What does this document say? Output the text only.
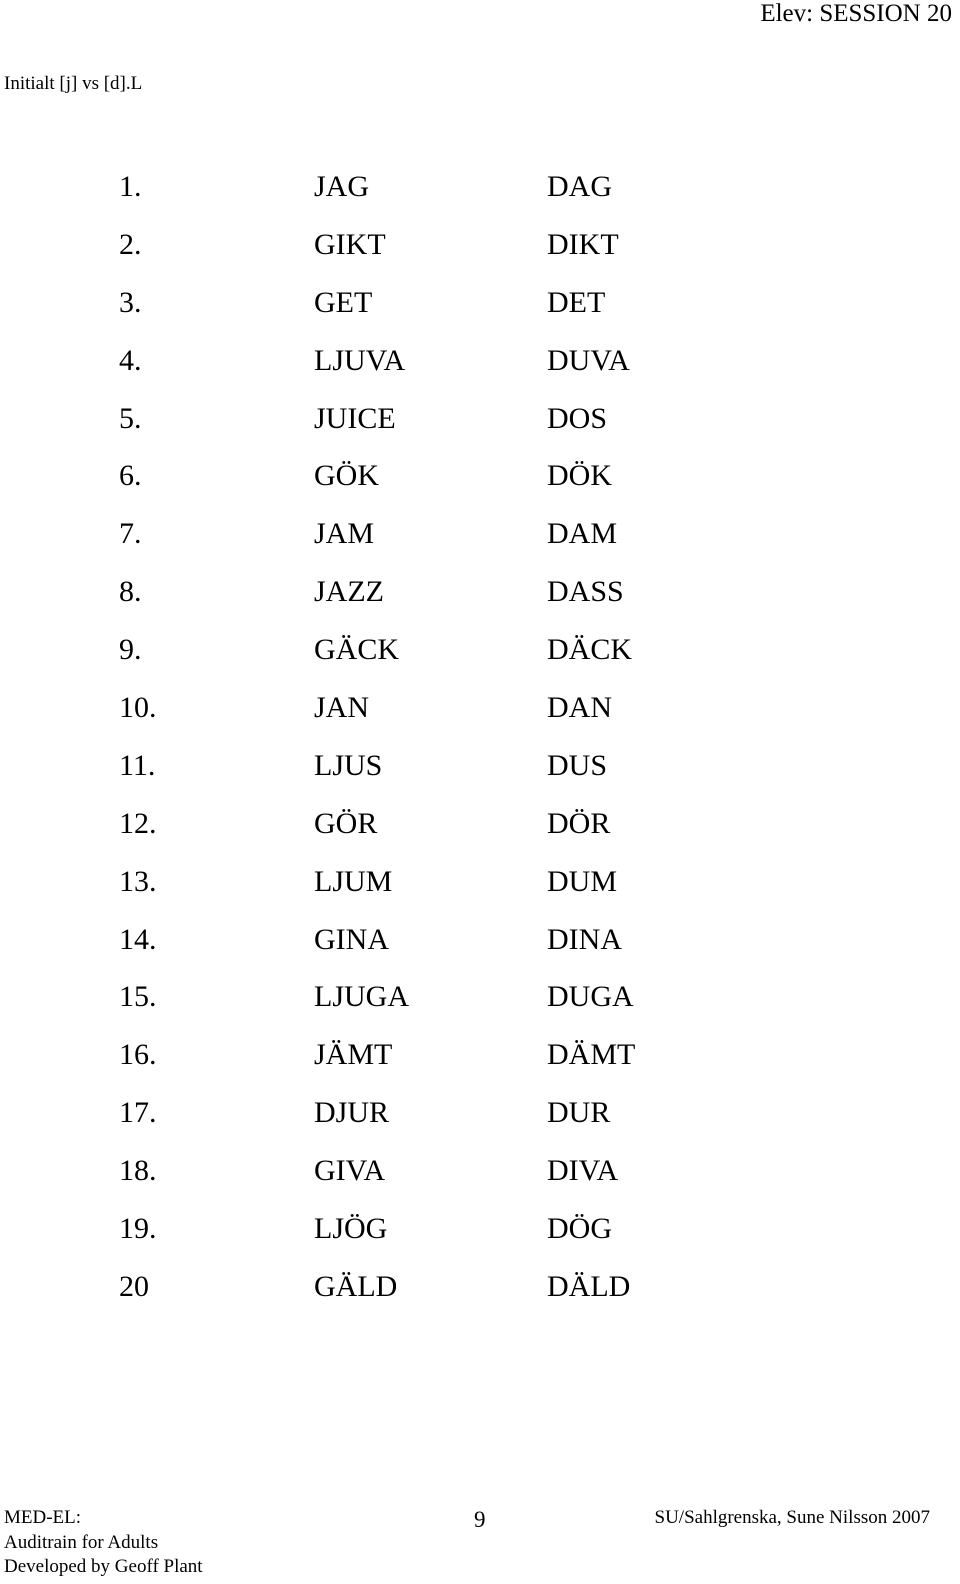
Elev: SESSION 20
Initialt [j] vs [d].L
1.	JAG	DAG
2.	GIKT	DIKT
3.	GET	DET
4.	LJUVA	DUVA
5.	JUICE	DOS
6.	GÖK	DÖK
7.	JAM	DAM
8.	JAZZ	DASS
9.	GÄCK	DÄCK
10.	JAN	DAN
11.	LJUS	DUS
12.	GÖR	DÖR
13.	LJUM	DUM
14.	GINA	DINA
15.	LJUGA	DUGA
16.	JÄMT	DÄMT
17.	DJUR	DUR
18.	GIVA	DIVA
19.	LJÖG	DÖG
20	GÄLD	DÄLD
MED-EL:
Auditrain for Adults
Developed by Geoff Plant
9	SU/Sahlgrenska, Sune Nilsson 2007
